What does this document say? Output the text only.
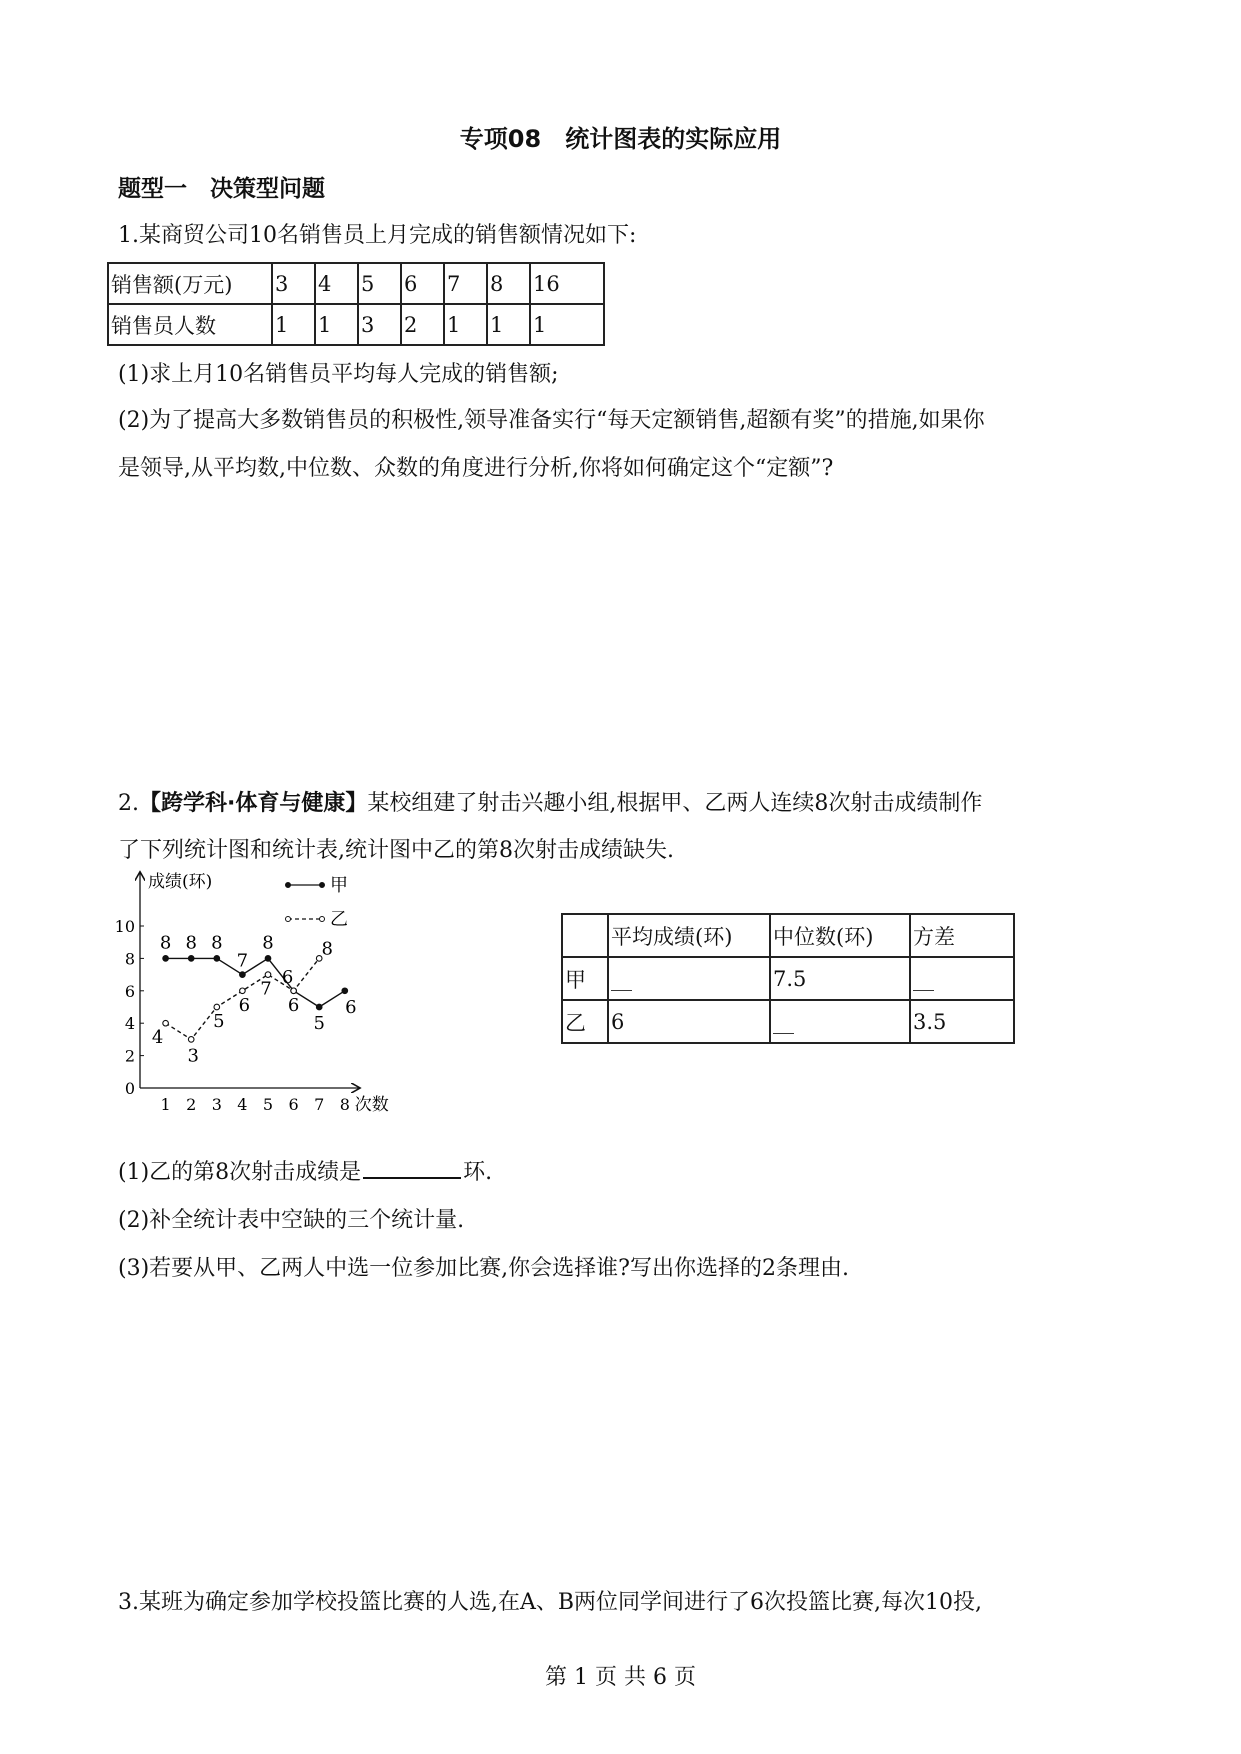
专项08　统计图表的实际应用
题型一　决策型问题
1.某商贸公司10名销售员上月完成的销售额情况如下:
销售额(万元)	3	4	5	6	7	8	16
销售员人数	1	1	3	2	1	1	1
(1)求上月10名销售员平均每人完成的销售额;
(2)为了提高大多数销售员的积极性,领导准备实行“每天定额销售,超额有奖”的措施,如果你
是领导,从平均数,中位数、众数的角度进行分析,你将如何确定这个“定额”?
2.【跨学科·体育与健康】某校组建了射击兴趣小组,根据甲、乙两人连续8次射击成绩制作
了下列统计图和统计表,统计图中乙的第8次射击成绩缺失.
成绩(环)
次数
0
2
4
6
8
10
1 2 3 4 5 6 7 8
8 8 8
7
8
6
5
6
4
3
5
6
7
6
8
甲
乙
	平均成绩(环)	中位数(环)	方差
甲	__	7.5	__
乙	6	__	3.5
(1)乙的第8次射击成绩是	环.
(2)补全统计表中空缺的三个统计量.
(3)若要从甲、乙两人中选一位参加比赛,你会选择谁?写出你选择的2条理由.
3.某班为确定参加学校投篮比赛的人选,在A、B两位同学间进行了6次投篮比赛,每次10投,
第 1 页 共 6 页
